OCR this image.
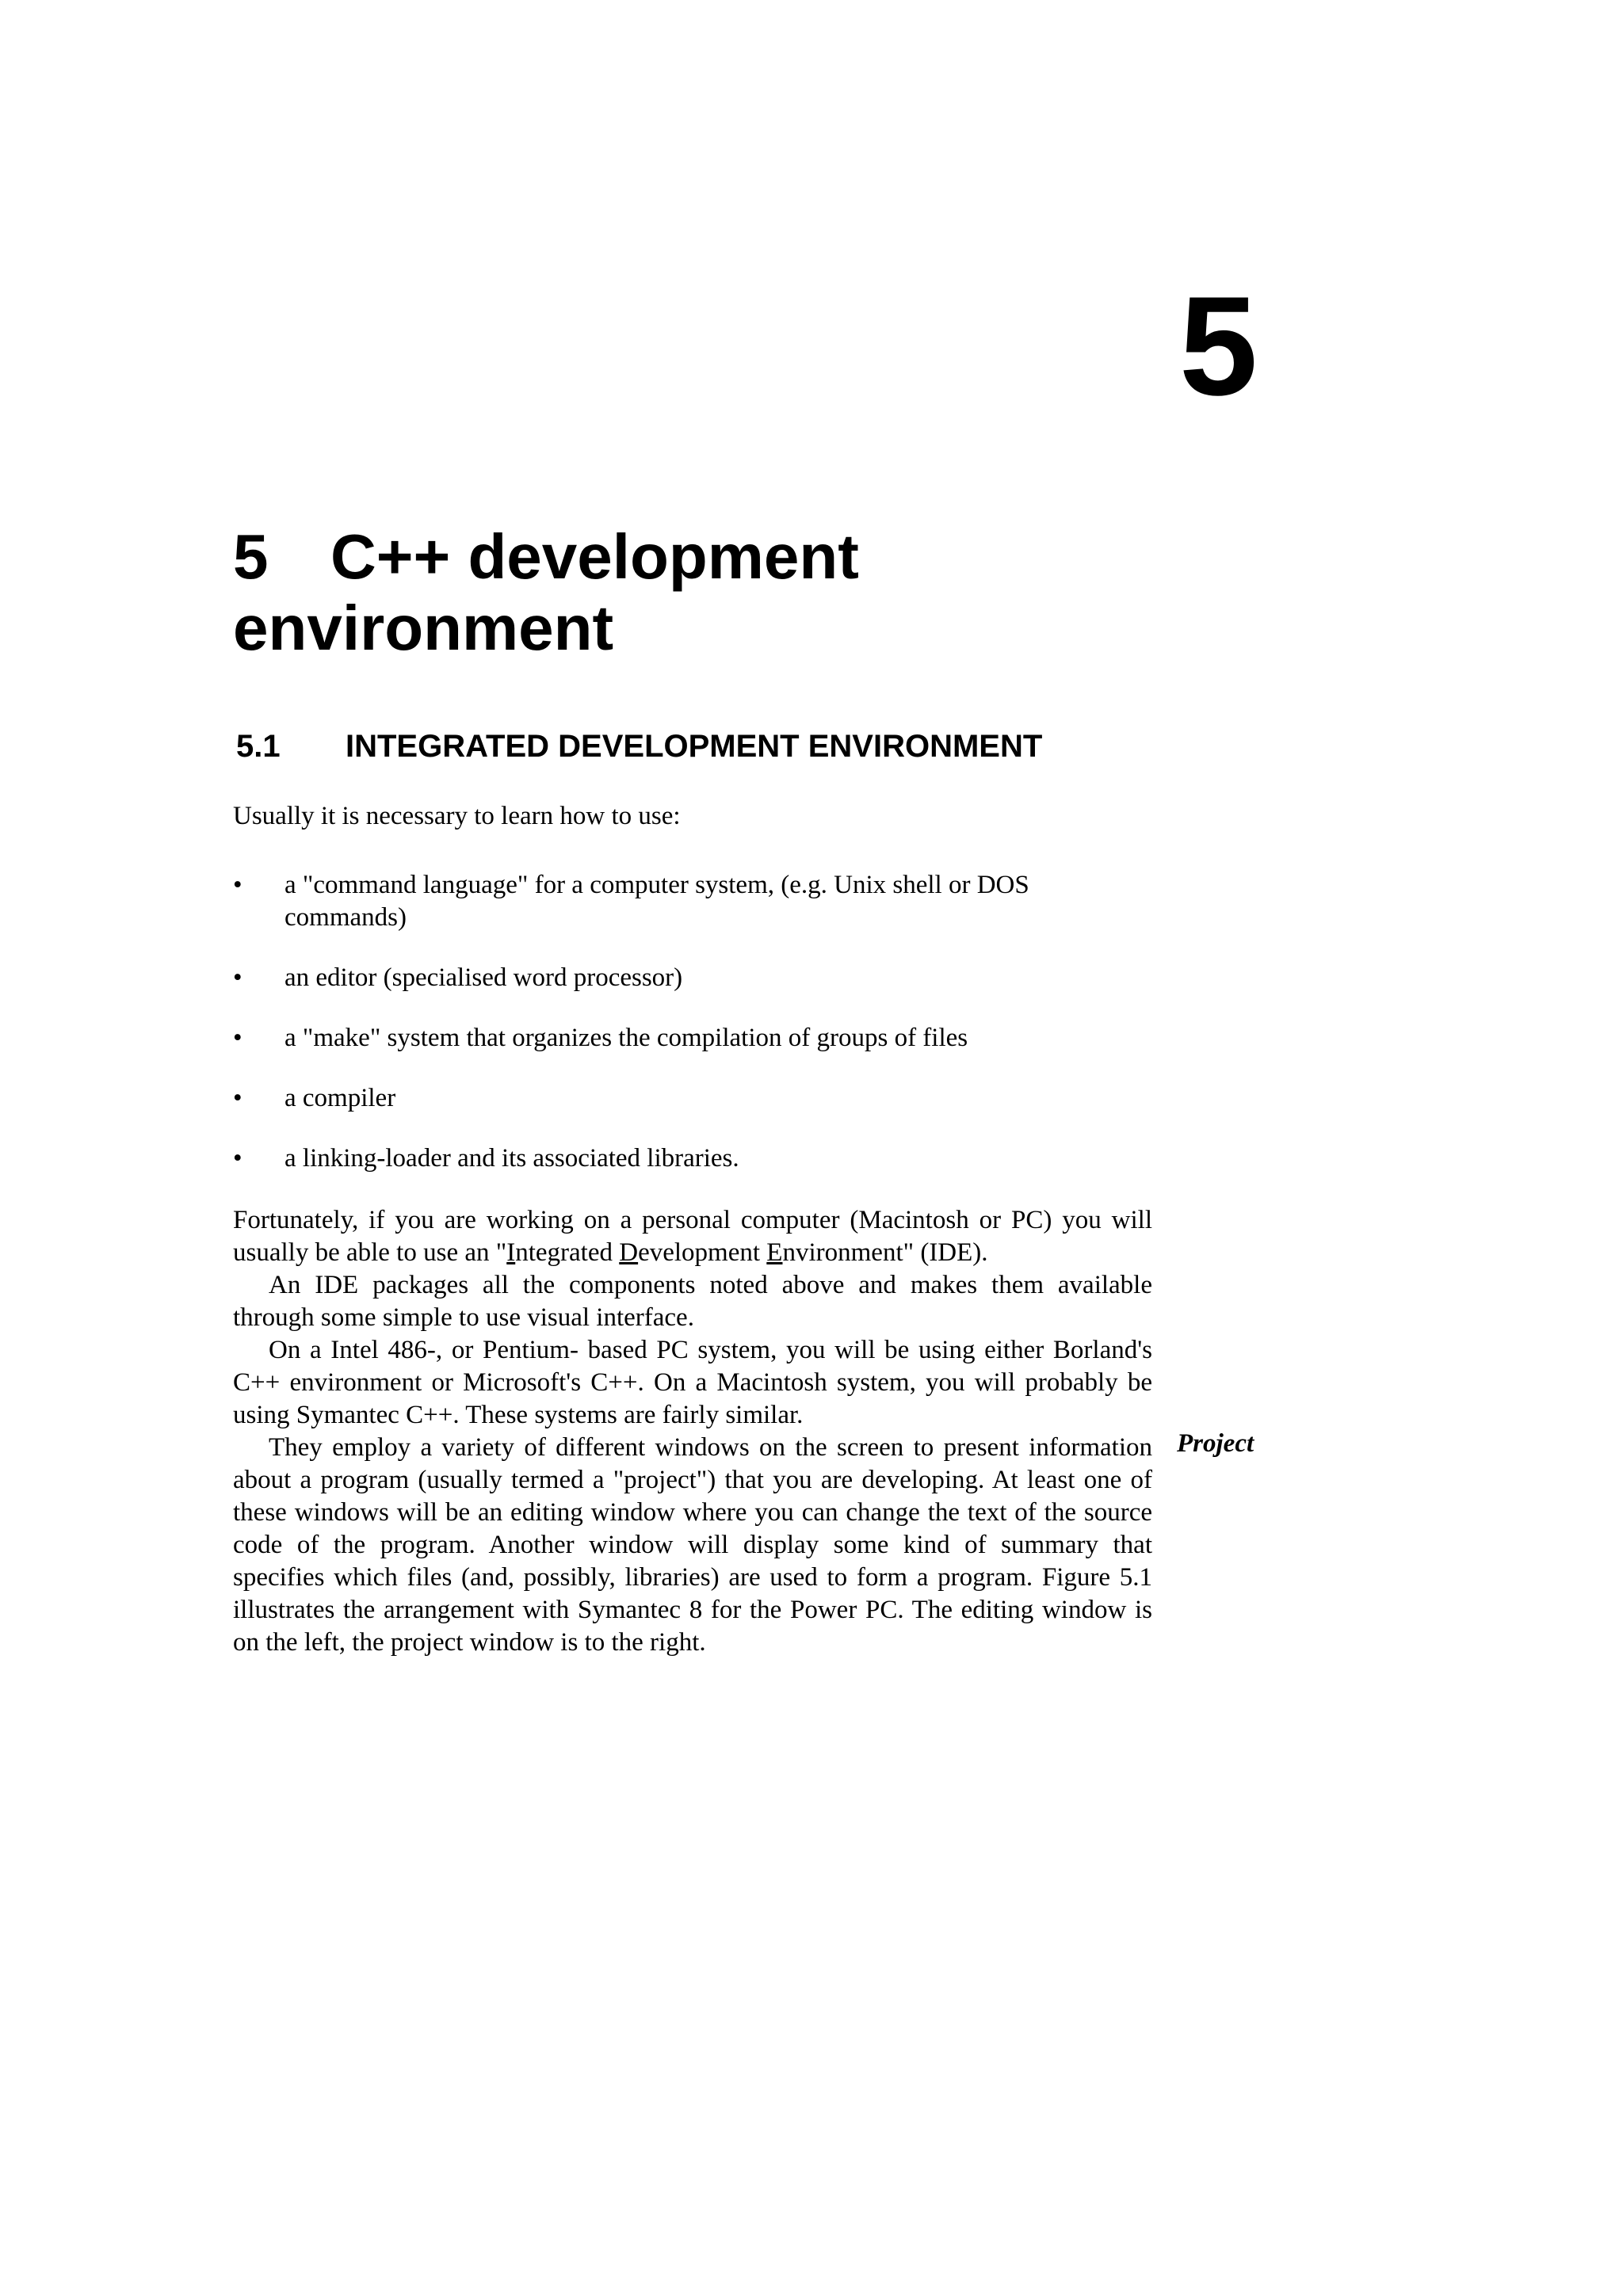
5
5 C++ development
environment
5.1 INTEGRATED DEVELOPMENT ENVIRONMENT

Usually it is necessary to learn how to use:

• a "command language" for a computer system, (e.g. Unix shell or DOS commands)
• an editor (specialised word processor)
• a "make" system that organizes the compilation of groups of files
• a compiler
• a linking-loader and its associated libraries.

Fortunately, if you are working on a personal computer (Macintosh or PC) you will usually be able to use an "Integrated Development Environment" (IDE).

An IDE packages all the components noted above and makes them available through some simple to use visual interface.

On a Intel 486-, or Pentium- based PC system, you will be using either Borland's C++ environment or Microsoft's C++. On a Macintosh system, you will probably be using Symantec C++. These systems are fairly similar.

They employ a variety of different windows on the screen to present information about a program (usually termed a "project") that you are developing. At least one of these windows will be an editing window where you can change the text of the source code of the program. Another window will display some kind of summary that specifies which files (and, possibly, libraries) are used to form a program. Figure 5.1 illustrates the arrangement with Symantec 8 for the Power PC. The editing window is on the left, the project window is to the right.

Project
